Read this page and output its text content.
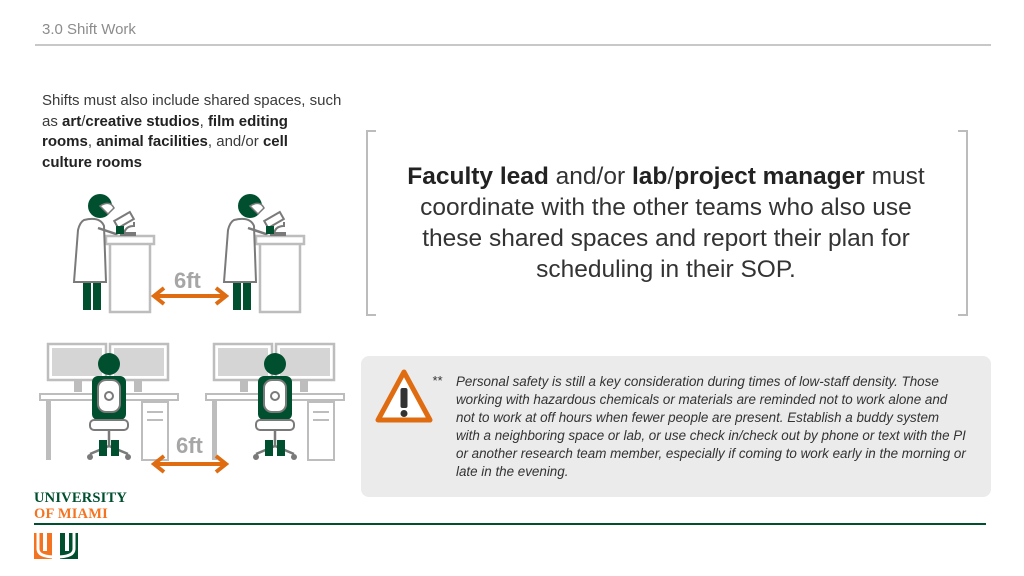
3.0 Shift Work
Shifts must also include shared spaces, such as art/creative studios, film editing rooms, animal facilities, and/or cell culture rooms
6ft
6ft
Faculty lead and/or lab/project manager must coordinate with the other teams who also use these shared spaces and report their plan for scheduling in their SOP.
** Personal safety is still a key consideration during times of low-staff density. Those working with hazardous chemicals or materials are reminded not to work alone and not to work at off hours when fewer people are present. Establish a buddy system with a neighboring space or lab, or use check in/check out by phone or text with the PI or another research team member, especially if coming to work early in the morning or late in the evening.
UNIVERSITY
OF MIAMI
